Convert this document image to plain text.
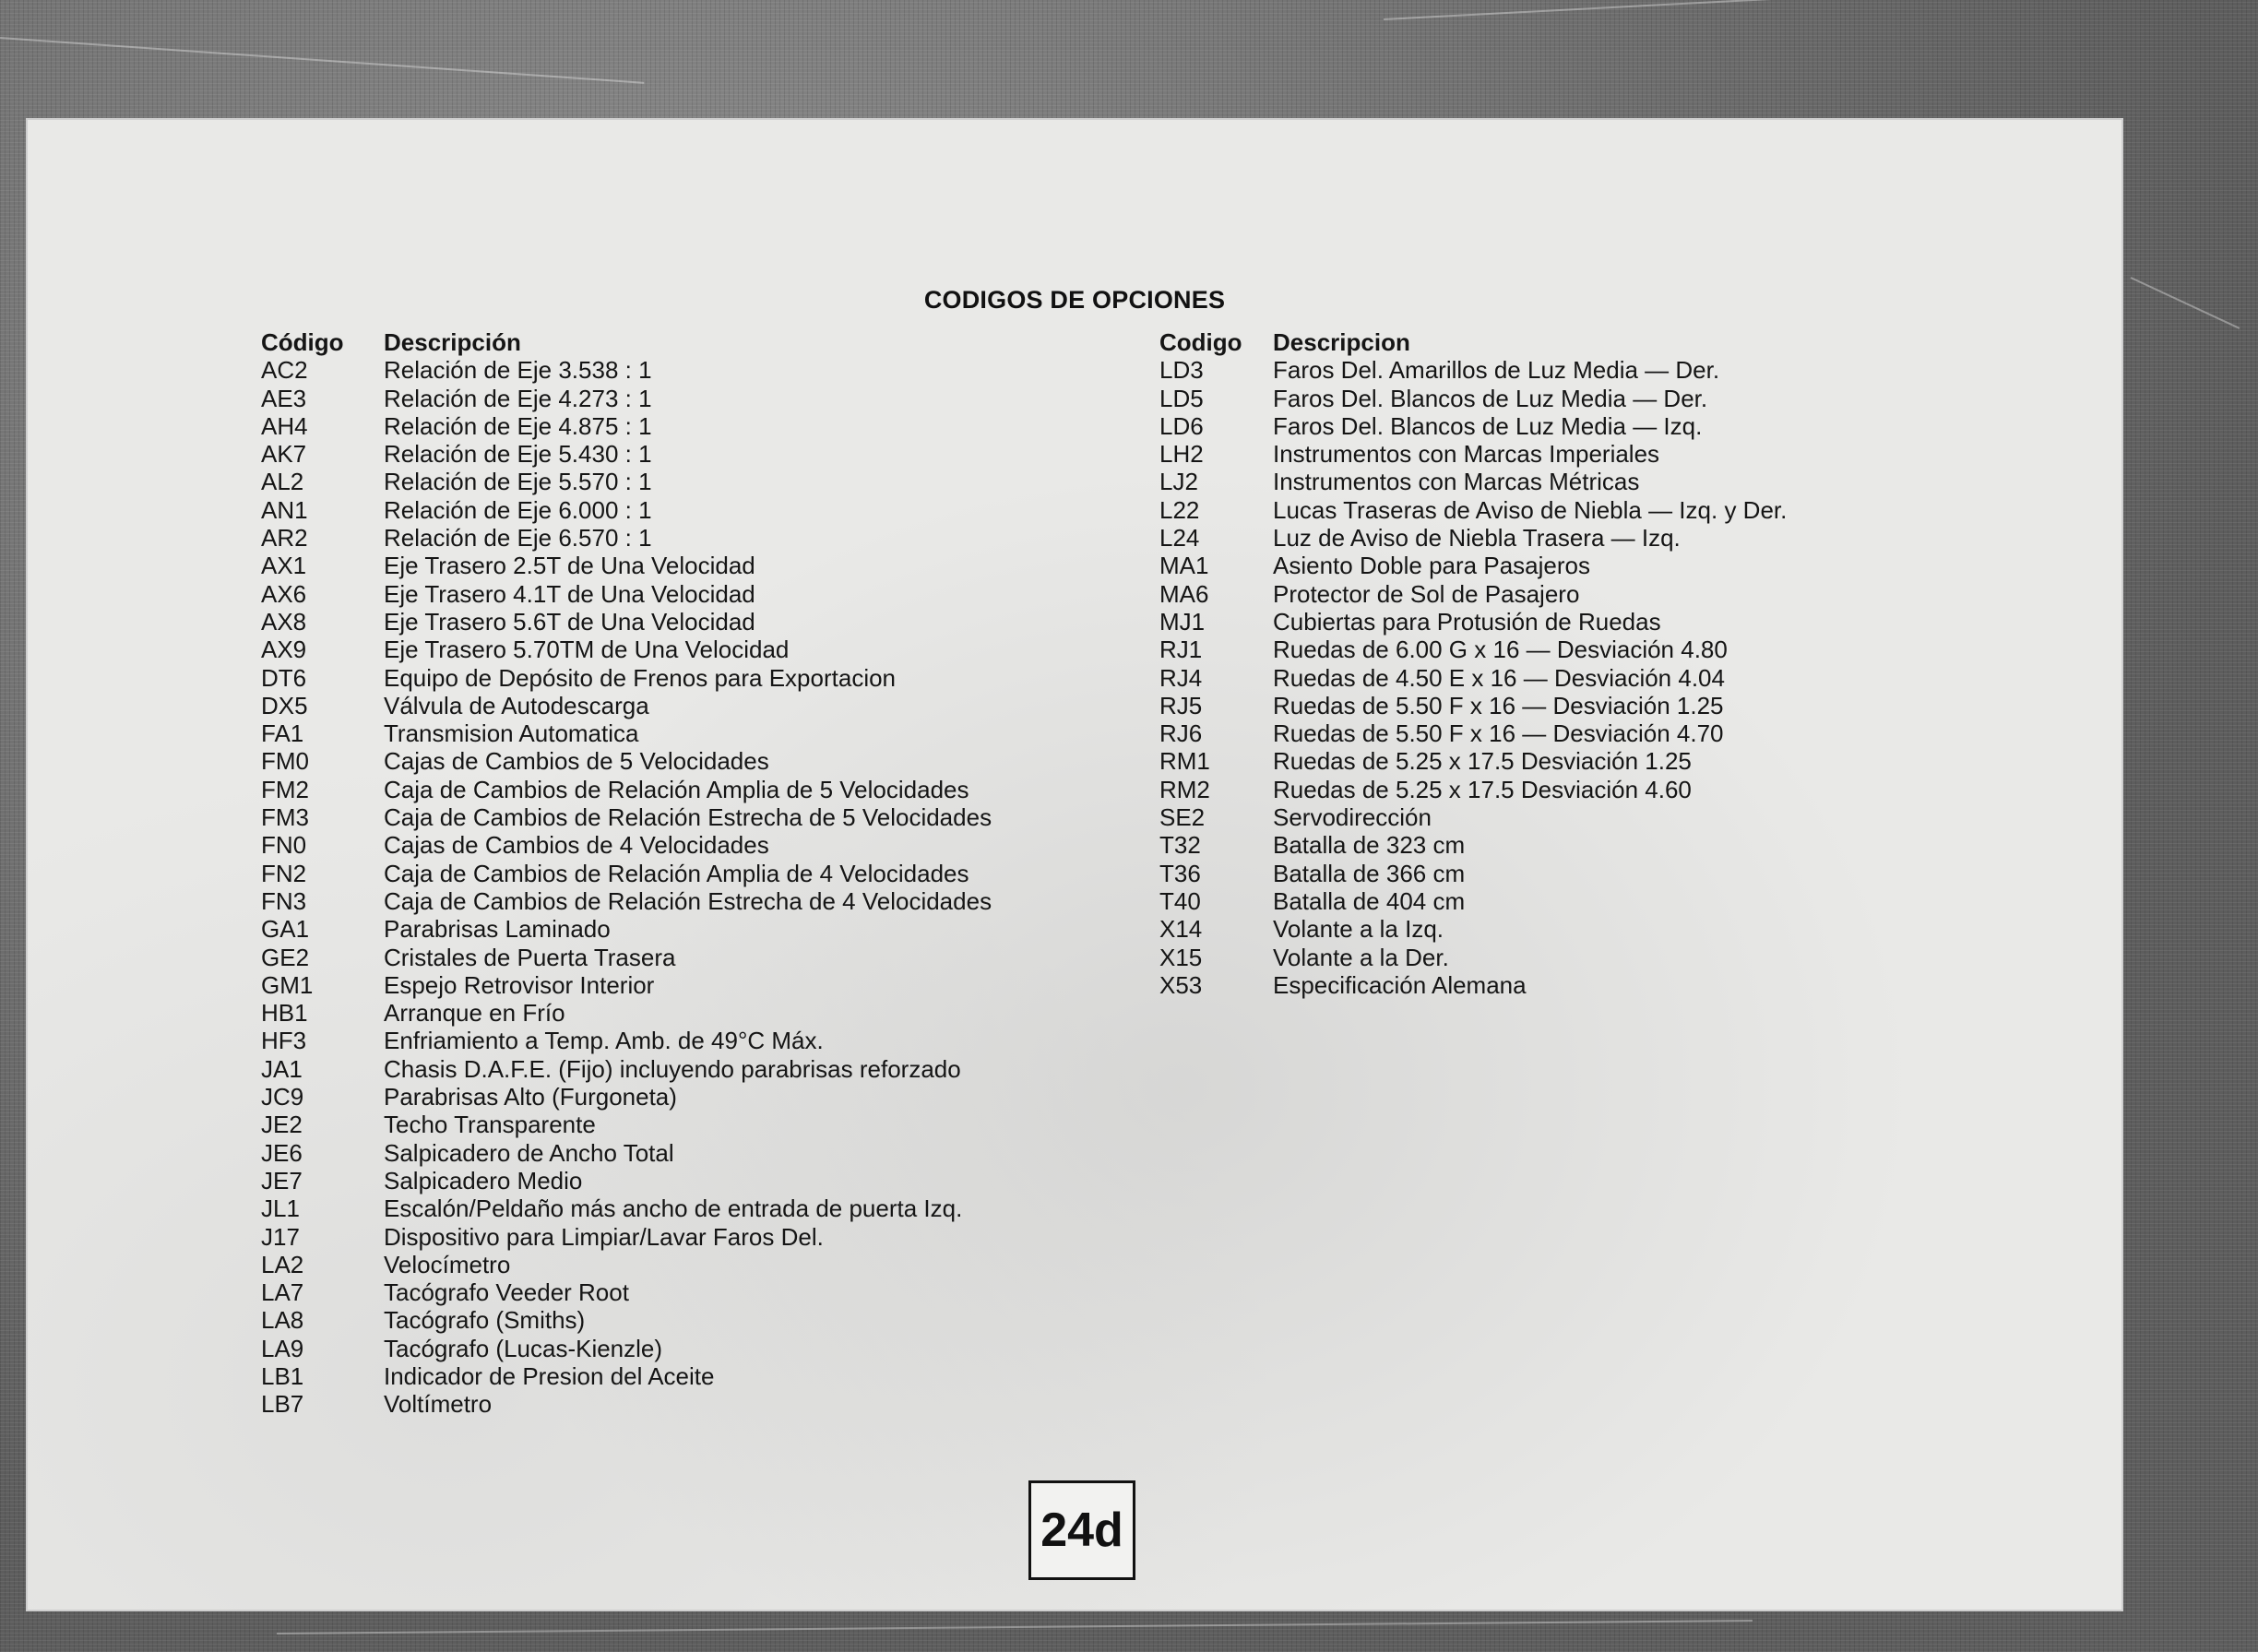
CODIGOS DE OPCIONES
Código	Descripción
AC2	Relación de Eje 3.538 : 1
AE3	Relación de Eje 4.273 : 1
AH4	Relación de Eje 4.875 : 1
AK7	Relación de Eje 5.430 : 1
AL2	Relación de Eje 5.570 : 1
AN1	Relación de Eje 6.000 : 1
AR2	Relación de Eje 6.570 : 1
AX1	Eje Trasero 2.5T de Una Velocidad
AX6	Eje Trasero 4.1T de Una Velocidad
AX8	Eje Trasero 5.6T de Una Velocidad
AX9	Eje Trasero 5.70TM de Una Velocidad
DT6	Equipo de Depósito de Frenos para Exportacion
DX5	Válvula de Autodescarga
FA1	Transmision Automatica
FM0	Cajas de Cambios de 5 Velocidades
FM2	Caja de Cambios de Relación Amplia de 5 Velocidades
FM3	Caja de Cambios de Relación Estrecha de 5 Velocidades
FN0	Cajas de Cambios de 4 Velocidades
FN2	Caja de Cambios de Relación Amplia de 4 Velocidades
FN3	Caja de Cambios de Relación Estrecha de 4 Velocidades
GA1	Parabrisas Laminado
GE2	Cristales de Puerta Trasera
GM1	Espejo Retrovisor Interior
HB1	Arranque en Frío
HF3	Enfriamiento a Temp. Amb. de 49°C Máx.
JA1	Chasis D.A.F.E. (Fijo) incluyendo parabrisas reforzado
JC9	Parabrisas Alto (Furgoneta)
JE2	Techo Transparente
JE6	Salpicadero de Ancho Total
JE7	Salpicadero Medio
JL1	Escalón/Peldaño más ancho de entrada de puerta Izq.
J17	Dispositivo para Limpiar/Lavar Faros Del.
LA2	Velocímetro
LA7	Tacógrafo Veeder Root
LA8	Tacógrafo (Smiths)
LA9	Tacógrafo (Lucas-Kienzle)
LB1	Indicador de Presion del Aceite
LB7	Voltímetro
Codigo	Descripcion
LD3	Faros Del. Amarillos de Luz Media — Der.
LD5	Faros Del. Blancos de Luz Media — Der.
LD6	Faros Del. Blancos de Luz Media — Izq.
LH2	Instrumentos con Marcas Imperiales
LJ2	Instrumentos con Marcas Métricas
L22	Lucas Traseras de Aviso de Niebla — Izq. y Der.
L24	Luz de Aviso de Niebla Trasera — Izq.
MA1	Asiento Doble para Pasajeros
MA6	Protector de Sol de Pasajero
MJ1	Cubiertas para Protusión de Ruedas
RJ1	Ruedas de 6.00 G x 16 — Desviación 4.80
RJ4	Ruedas de 4.50 E x 16 — Desviación 4.04
RJ5	Ruedas de 5.50 F x 16 — Desviación 1.25
RJ6	Ruedas de 5.50 F x 16 — Desviación 4.70
RM1	Ruedas de 5.25 x 17.5 Desviación 1.25
RM2	Ruedas de 5.25 x 17.5 Desviación 4.60
SE2	Servodirección
T32	Batalla de 323 cm
T36	Batalla de 366 cm
T40	Batalla de 404 cm
X14	Volante a la Izq.
X15	Volante a la Der.
X53	Especificación Alemana
24d
